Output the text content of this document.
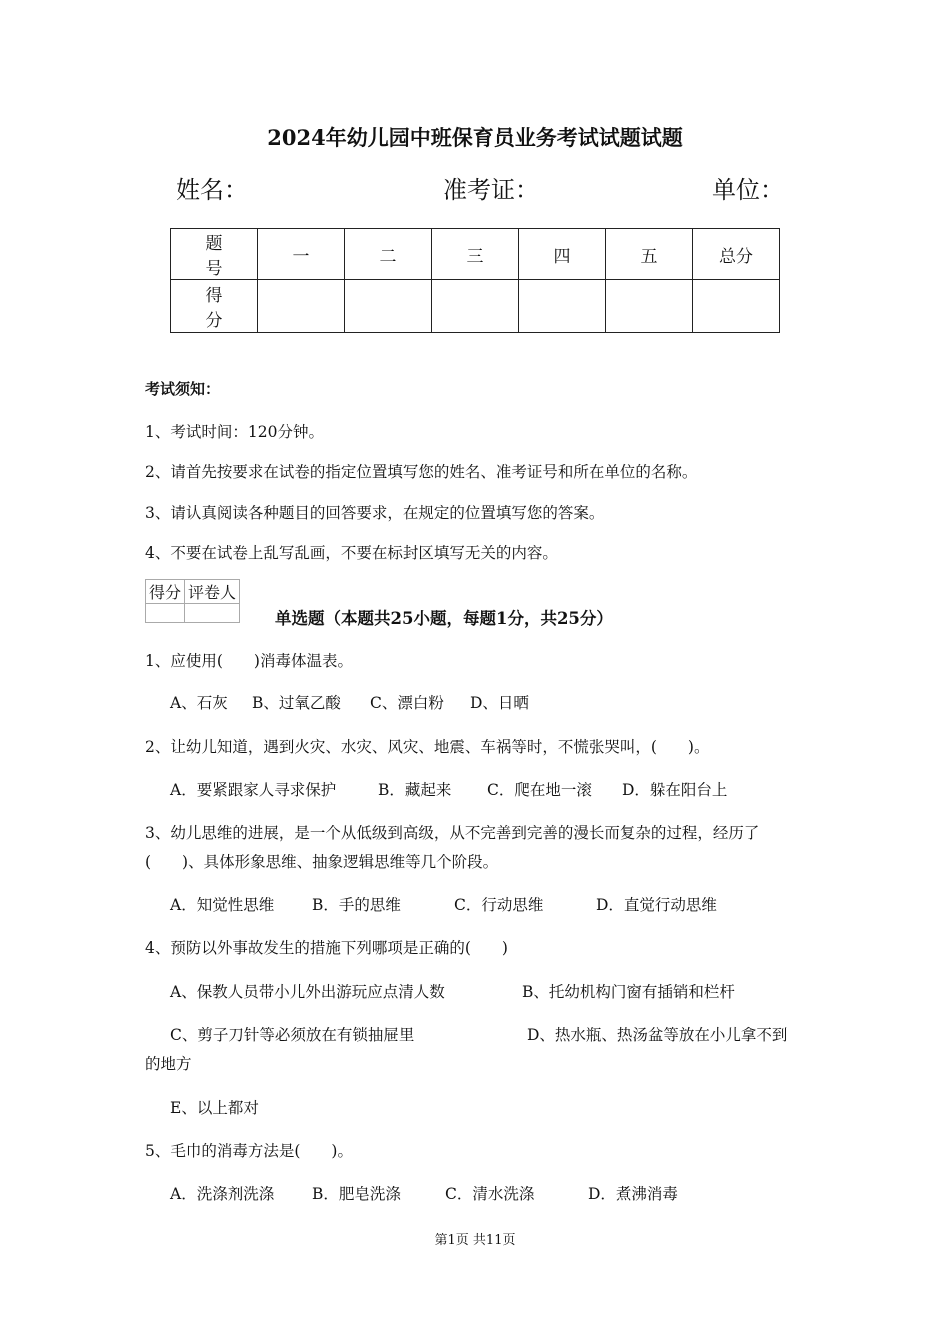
2024年幼儿园中班保育员业务考试试题试题
姓名：	准考证：	单位：
题 号	一	二	三	四	五	总分
得 分						
考试须知：
1、考试时间：120分钟。
2、请首先按要求在试卷的指定位置填写您的姓名、准考证号和所在单位的名称。
3、请认真阅读各种题目的回答要求，在规定的位置填写您的答案。
4、不要在试卷上乱写乱画，不要在标封区填写无关的内容。
得分	评卷人

单选题（本题共25小题，每题1分，共25分）
1、应使用(　　)消毒体温表。
A、石灰 B、过氧乙酸 C、漂白粉 D、日晒
2、让幼儿知道，遇到火灾、水灾、风灾、地震、车祸等时，不慌张哭叫，(　　)。
A．要紧跟家人寻求保护	B．藏起来 C．爬在地一滚 D．躲在阳台上
3、幼儿思维的进展，是一个从低级到高级，从不完善到完善的漫长而复杂的过程，经历了
(　　)、具体形象思维、抽象逻辑思维等几个阶段。
A．知觉性思维 B．手的思维	C．行动思维	D．直觉行动思维
4、预防以外事故发生的措施下列哪项是正确的(　　)
A、保教人员带小儿外出游玩应点清人数	B、托幼机构门窗有插销和栏杆
C、剪子刀针等必须放在有锁抽屉里	D、热水瓶、热汤盆等放在小儿拿不到
的地方
E、以上都对
5、毛巾的消毒方法是(　　)。
A．洗涤剂洗涤 B．肥皂洗涤	C．清水洗涤	D．煮沸消毒
第1页 共11页
